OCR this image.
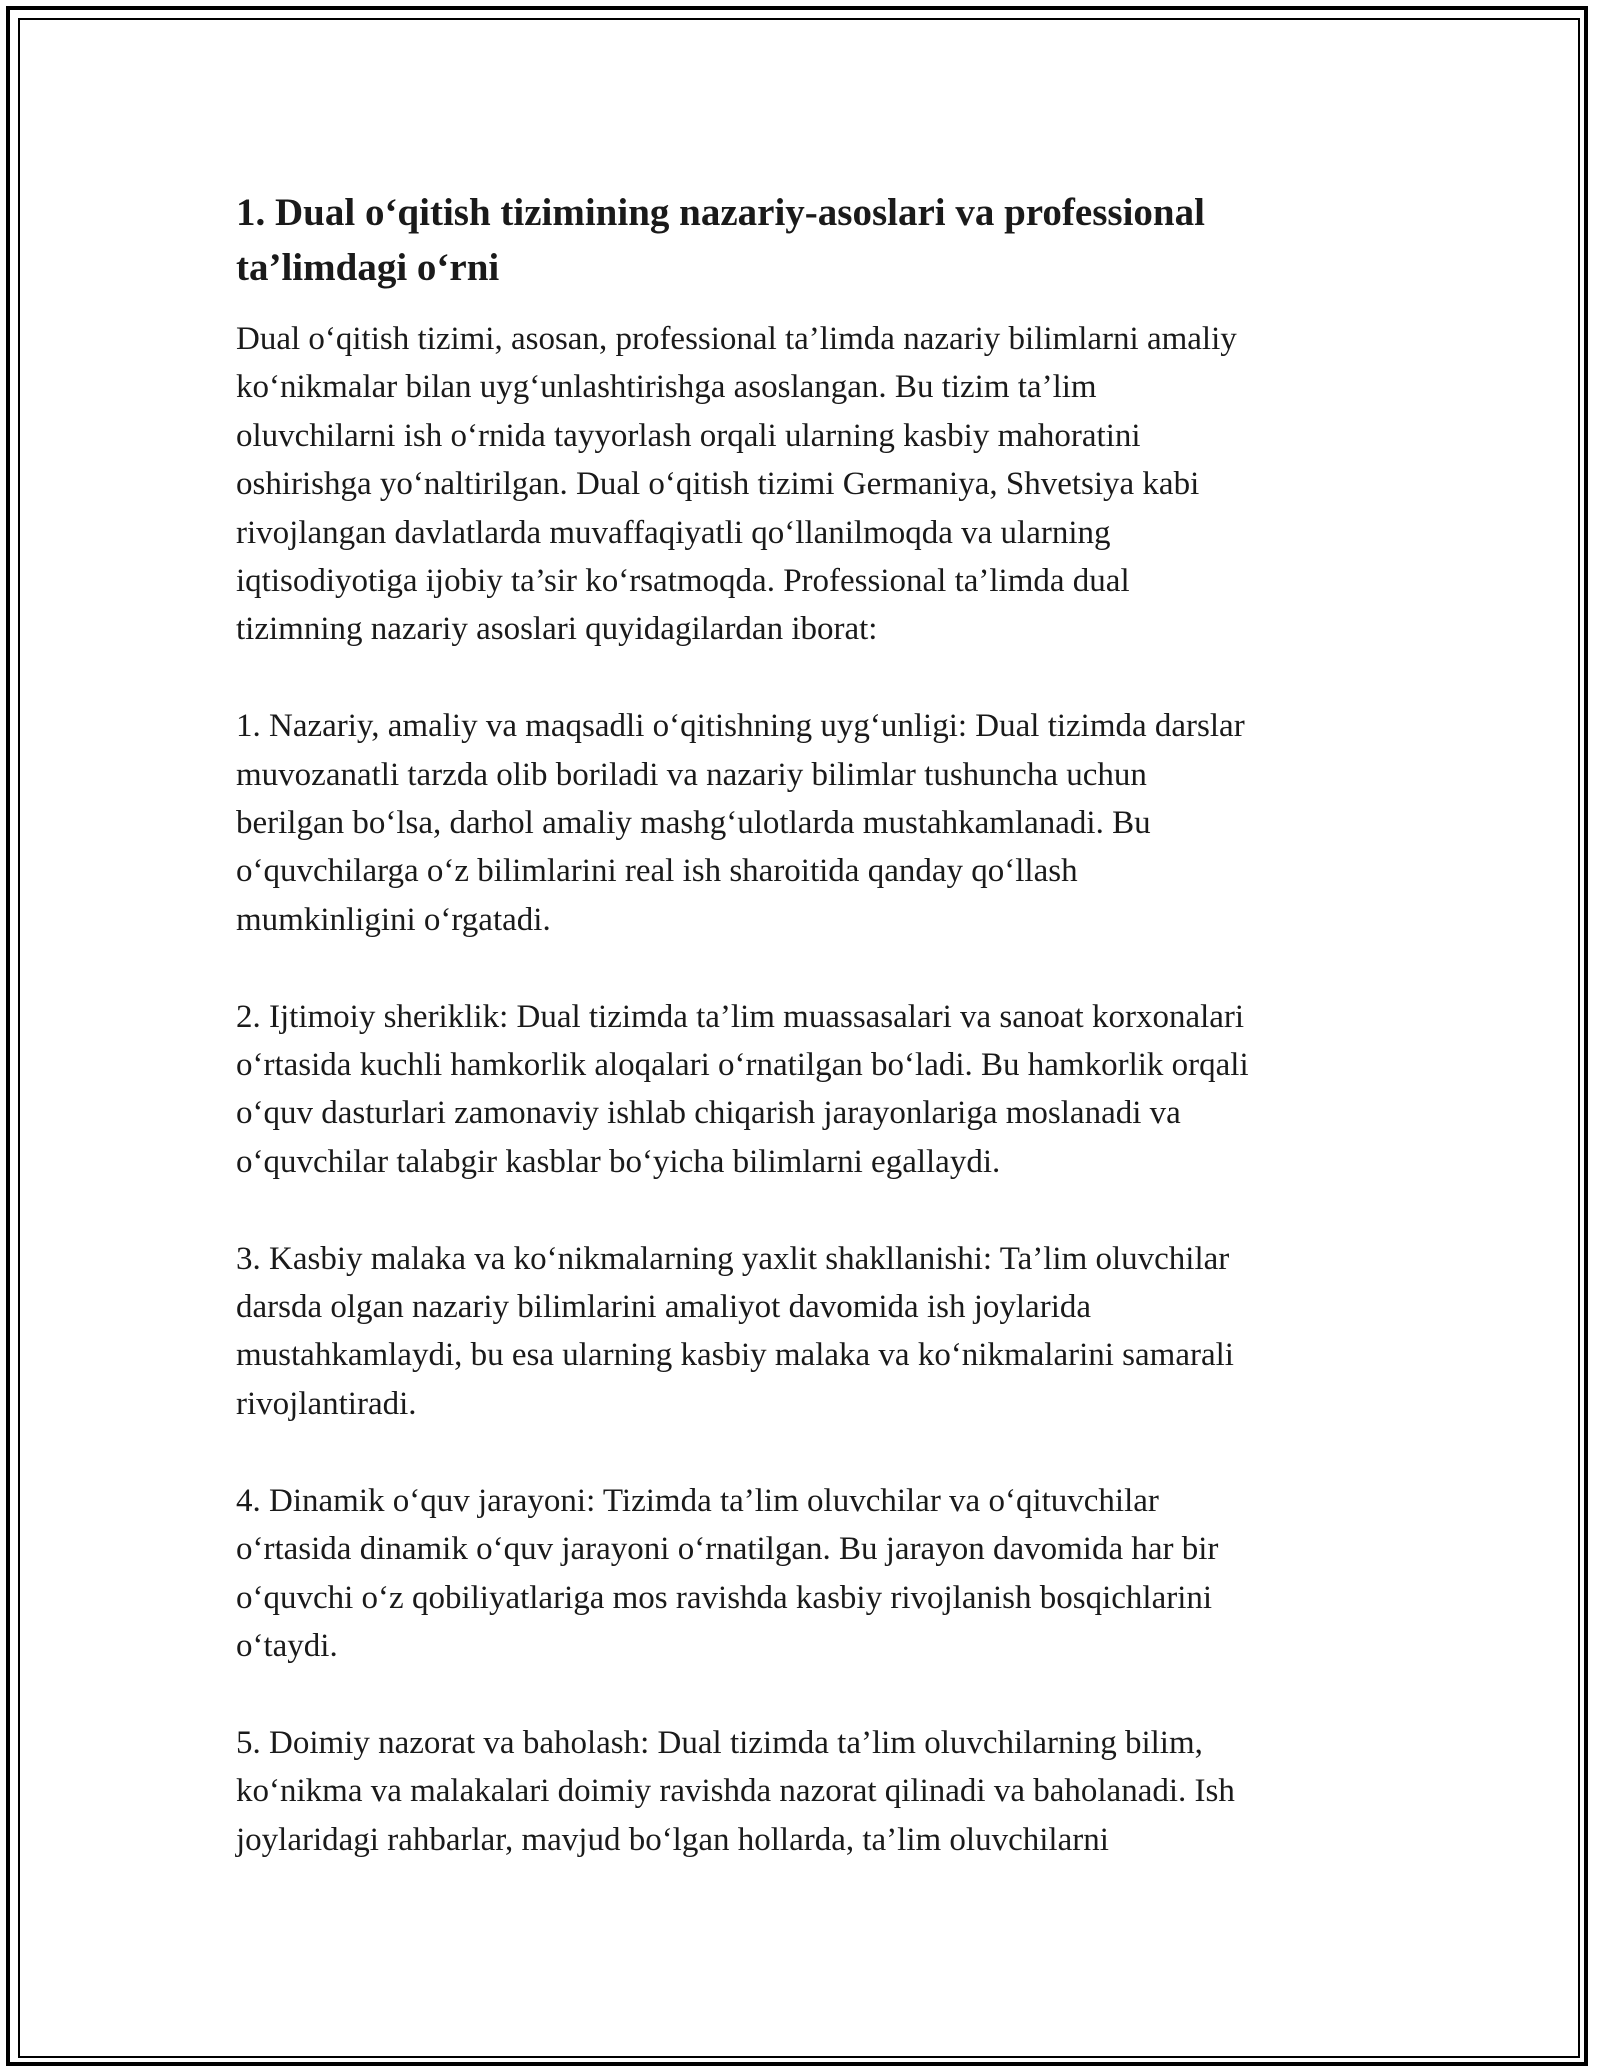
1. Dual o‘qitish tizimining nazariy-asoslari va professional
ta’limdagi o‘rni

Dual o‘qitish tizimi, asosan, professional ta’limda nazariy bilimlarni amaliy
ko‘nikmalar bilan uyg‘unlashtirishga asoslangan. Bu tizim ta’lim
oluvchilarni ish o‘rnida tayyorlash orqali ularning kasbiy mahoratini
oshirishga yo‘naltirilgan. Dual o‘qitish tizimi Germaniya, Shvetsiya kabi
rivojlangan davlatlarda muvaffaqiyatli qo‘llanilmoqda va ularning
iqtisodiyotiga ijobiy ta’sir ko‘rsatmoqda. Professional ta’limda dual
tizimning nazariy asoslari quyidagilardan iborat:

1. Nazariy, amaliy va maqsadli o‘qitishning uyg‘unligi: Dual tizimda darslar
muvozanatli tarzda olib boriladi va nazariy bilimlar tushuncha uchun
berilgan bo‘lsa, darhol amaliy mashg‘ulotlarda mustahkamlanadi. Bu
o‘quvchilarga o‘z bilimlarini real ish sharoitida qanday qo‘llash
mumkinligini o‘rgatadi.

2. Ijtimoiy sheriklik: Dual tizimda ta’lim muassasalari va sanoat korxonalari
o‘rtasida kuchli hamkorlik aloqalari o‘rnatilgan bo‘ladi. Bu hamkorlik orqali
o‘quv dasturlari zamonaviy ishlab chiqarish jarayonlariga moslanadi va
o‘quvchilar talabgir kasblar bo‘yicha bilimlarni egallaydi.

3. Kasbiy malaka va ko‘nikmalarning yaxlit shakllanishi: Ta’lim oluvchilar
darsda olgan nazariy bilimlarini amaliyot davomida ish joylarida
mustahkamlaydi, bu esa ularning kasbiy malaka va ko‘nikmalarini samarali
rivojlantiradi.

4. Dinamik o‘quv jarayoni: Tizimda ta’lim oluvchilar va o‘qituvchilar
o‘rtasida dinamik o‘quv jarayoni o‘rnatilgan. Bu jarayon davomida har bir
o‘quvchi o‘z qobiliyatlariga mos ravishda kasbiy rivojlanish bosqichlarini
o‘taydi.

5. Doimiy nazorat va baholash: Dual tizimda ta’lim oluvchilarning bilim,
ko‘nikma va malakalari doimiy ravishda nazorat qilinadi va baholanadi. Ish
joylaridagi rahbarlar, mavjud bo‘lgan hollarda, ta’lim oluvchilarni
